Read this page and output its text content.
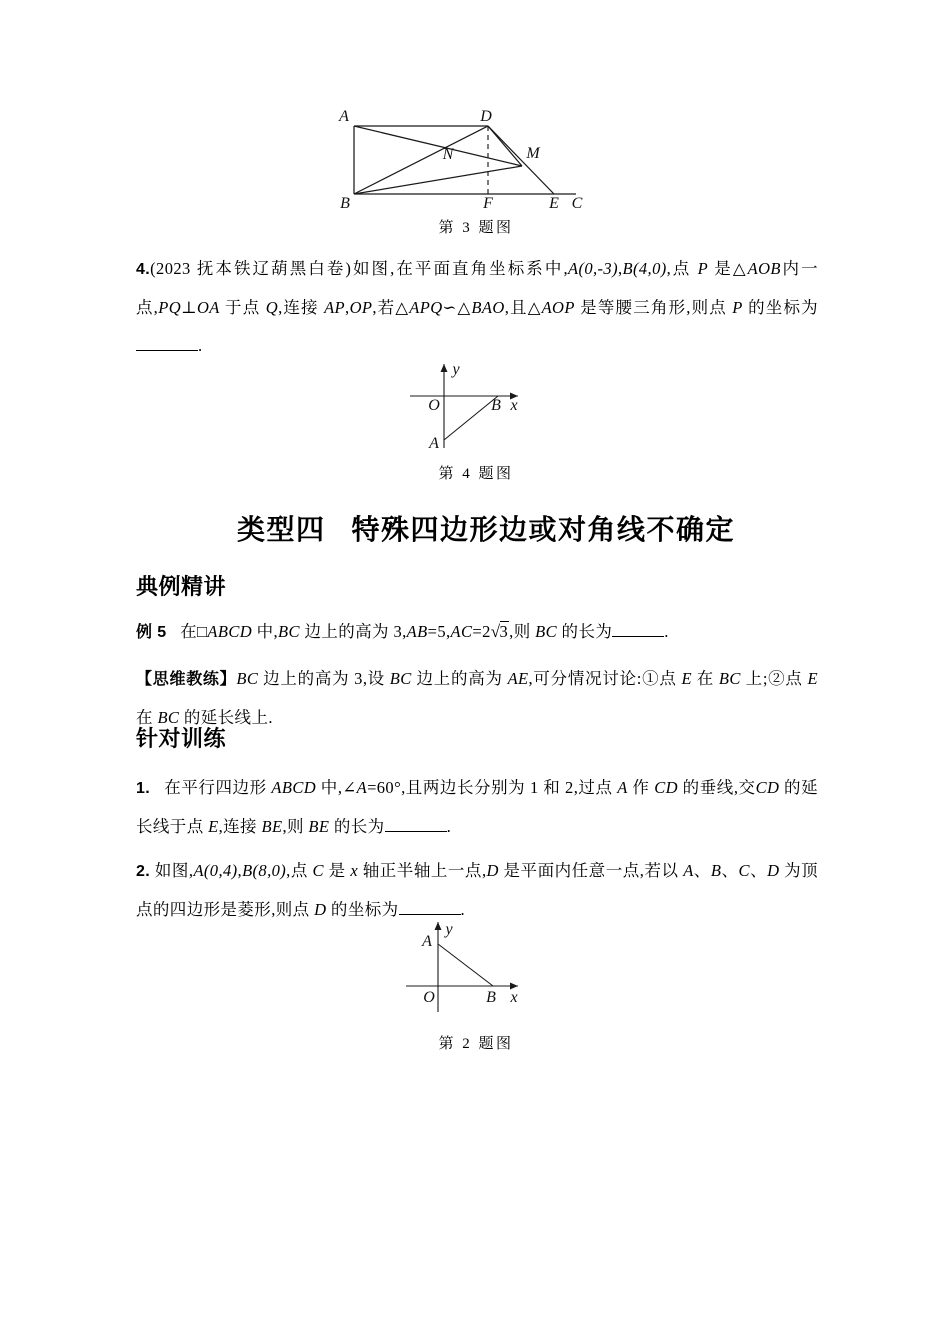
A	D
M
N
B	F	E C
第 3 题图
4.(2023 抚本铁辽葫黑白卷)如图,在平面直角坐标系中,A(0,-3),B(4,0),点 P 是△AOB内一点,PQ⊥OA 于点 Q,连接 AP,OP,若△APQ∽△BAO,且△AOP 是等腰三角形,则点 P 的坐标为.
y
O	B x
A
第 4 题图
类型四 特殊四边形边或对角线不确定
典例精讲
例 5 在□ABCD 中,BC 边上的高为 3,AB=5,AC=2√3,则 BC 的长为	.
【思维教练】BC 边上的高为 3,设 BC 边上的高为 AE,可分情况讨论:①点 E 在 BC 上;②点 E 在 BC 的延长线上.
针对训练
1. 在平行四边形 ABCD 中,∠A=60°,且两边长分别为 1 和 2,过点 A 作 CD 的垂线,交CD 的延长线于点 E,连接 BE,则 BE 的长为	.
2. 如图,A(0,4),B(8,0),点 C 是 x 轴正半轴上一点,D 是平面内任意一点,若以 A、B、C、D 为顶点的四边形是菱形,则点 D 的坐标为	.
y
A
O	B x
第 2 题图
